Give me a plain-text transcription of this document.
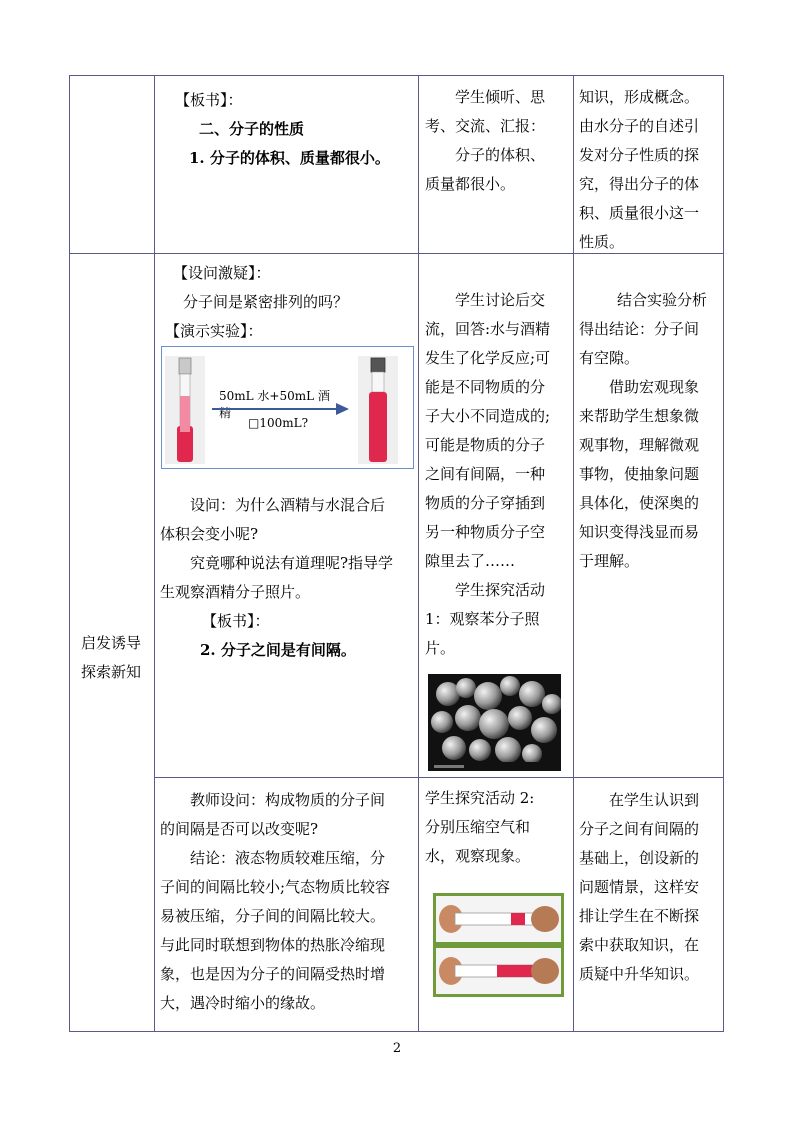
【板书】：

二、分子的性质

1. 分子的体积、质量都很小。

学生倾听、思

考、交流、汇报：

分子的体积、

质量都很小。

知识，形成概念。

由水分子的自述引

发对分子性质的探

究，得出分子的体

积、质量很小这一

性质。

启发诱导
探索新知

【设问激疑】：

分子间是紧密排列的吗？

【演示实验】：

50mL 水+50mL 酒
精
□100mL?

设问：为什么酒精与水混合后

体积会变小呢?

究竟哪种说法有道理呢?指导学

生观察酒精分子照片。

【板书】：

2. 分子之间是有间隔。

学生讨论后交

流，回答:水与酒精

发生了化学反应;可

能是不同物质的分

子大小不同造成的;

可能是物质的分子

之间有间隔，一种

物质的分子穿插到

另一种物质分子空

隙里去了……

学生探究活动

1：观察苯分子照

片。

结合实验分析

得出结论：分子间

有空隙。

借助宏观现象

来帮助学生想象微

观事物，理解微观

事物，使抽象问题

具体化，使深奥的

知识变得浅显而易

于理解。

教师设问：构成物质的分子间

的间隔是否可以改变呢?

结论：液态物质较难压缩，分

子间的间隔比较小;气态物质比较容

易被压缩，分子间的间隔比较大。

与此同时联想到物体的热胀冷缩现

象，也是因为分子的间隔受热时增

大，遇冷时缩小的缘故。

学生探究活动 2:

分别压缩空气和

水，观察现象。

在学生认识到

分子之间有间隔的

基础上，创设新的

问题情景，这样安

排让学生在不断探

索中获取知识，在

质疑中升华知识。

2
